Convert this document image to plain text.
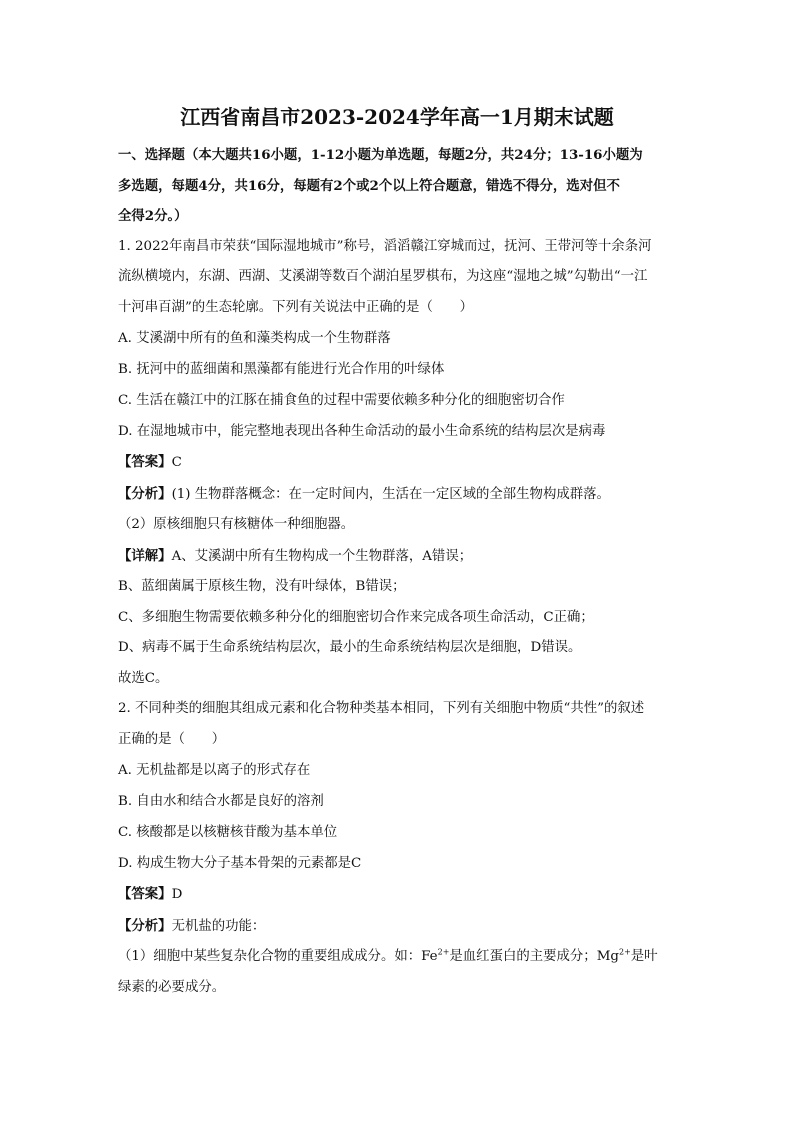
江西省南昌市2023-2024学年高一1月期末试题

一、选择题（本大题共16小题，1-12小题为单选题，每题2分，共24分；13-16小题为

多选题，每题4分，共16分，每题有2个或2个以上符合题意，错选不得分，选对但不

全得2分。）

1. 2022年南昌市荣获“国际湿地城市”称号，滔滔赣江穿城而过，抚河、王带河等十余条河

流纵横境内，东湖、西湖、艾溪湖等数百个湖泊星罗棋布，为这座“湿地之城”勾勒出“一江

十河串百湖”的生态轮廓。下列有关说法中正确的是（　　）

A. 艾溪湖中所有的鱼和藻类构成一个生物群落

B. 抚河中的蓝细菌和黑藻都有能进行光合作用的叶绿体

C. 生活在赣江中的江豚在捕食鱼的过程中需要依赖多种分化的细胞密切合作

D. 在湿地城市中，能完整地表现出各种生命活动的最小生命系统的结构层次是病毒

【答案】C

【分析】(1) 生物群落概念：在一定时间内，生活在一定区域的全部生物构成群落。

（2）原核细胞只有核糖体一种细胞器。

【详解】A、艾溪湖中所有生物构成一个生物群落，A错误；

B、蓝细菌属于原核生物，没有叶绿体，B错误；

C、多细胞生物需要依赖多种分化的细胞密切合作来完成各项生命活动，C正确；

D、病毒不属于生命系统结构层次，最小的生命系统结构层次是细胞，D错误。

故选C。

2. 不同种类的细胞其组成元素和化合物种类基本相同，下列有关细胞中物质“共性”的叙述

正确的是（　　）

A. 无机盐都是以离子的形式存在

B. 自由水和结合水都是良好的溶剂

C. 核酸都是以核糖核苷酸为基本单位

D. 构成生物大分子基本骨架的元素都是C

【答案】D

【分析】无机盐的功能：

（1）细胞中某些复杂化合物的重要组成成分。如：$Fe^{2+}$是血红蛋白的主要成分；$Mg^{2+}$是叶

绿素的必要成分。
